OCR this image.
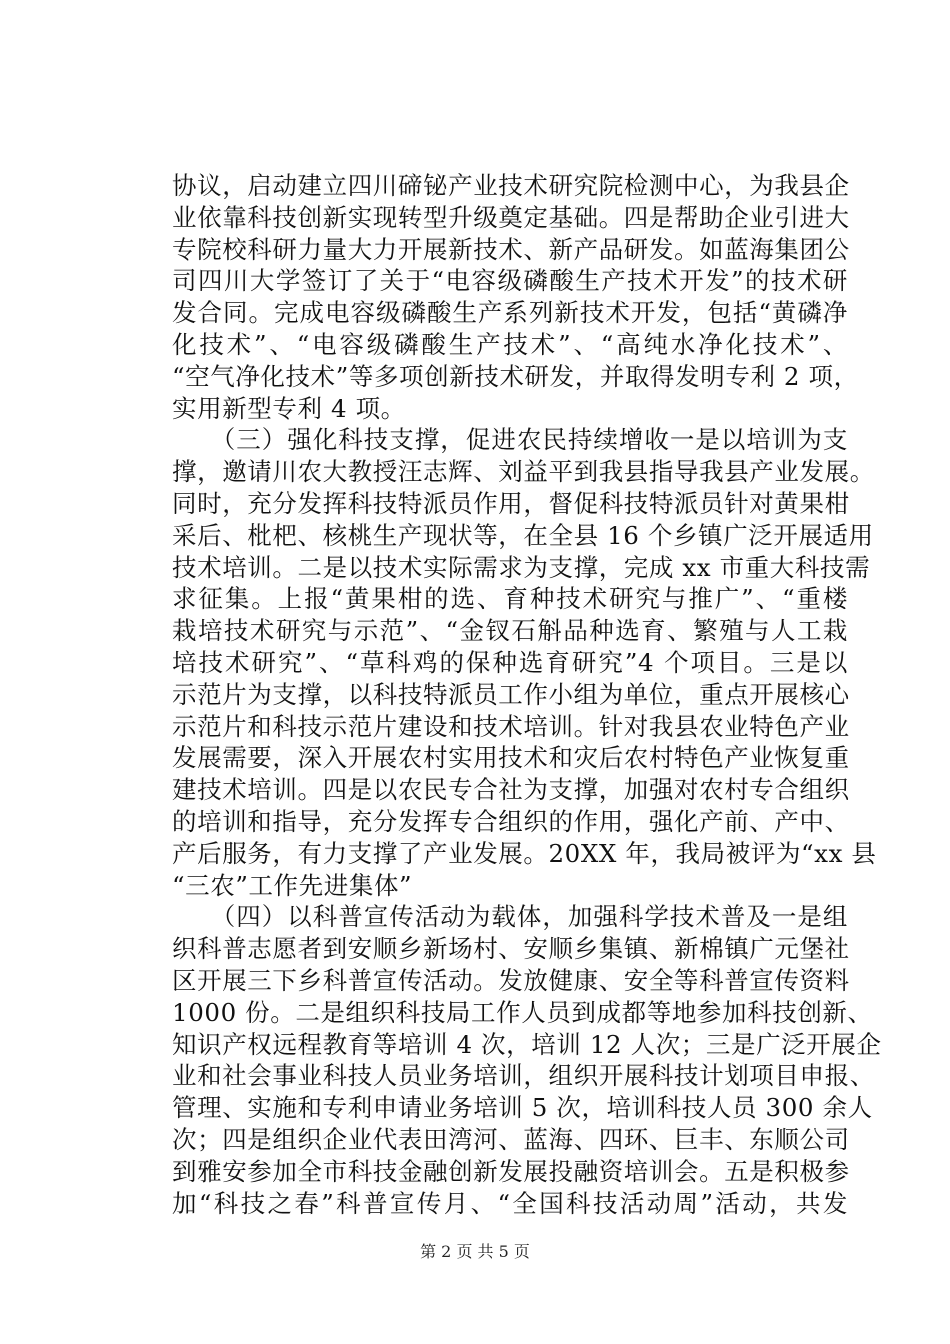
协议，启动建立四川碲铋产业技术研究院检测中心，为我县企
业依靠科技创新实现转型升级奠定基础。四是帮助企业引进大
专院校科研力量大力开展新技术、新产品研发。如蓝海集团公
司四川大学签订了关于“电容级磷酸生产技术开发”的技术研
发合同。完成电容级磷酸生产系列新技术开发，包括“黄磷净
化技术”、“电容级磷酸生产技术”、“高纯水净化技术”、
“空气净化技术”等多项创新技术研发，并取得发明专利 2 项，
实用新型专利 4 项。
　　（三）强化科技支撑，促进农民持续增收一是以培训为支
撑，邀请川农大教授汪志辉、刘益平到我县指导我县产业发展。
同时，充分发挥科技特派员作用，督促科技特派员针对黄果柑
采后、枇杷、核桃生产现状等，在全县 16 个乡镇广泛开展适用
技术培训。二是以技术实际需求为支撑，完成 xx 市重大科技需
求征集。上报“黄果柑的选、育种技术研究与推广”、“重楼
栽培技术研究与示范”、“金钗石斛品种选育、繁殖与人工栽
培技术研究”、“草科鸡的保种选育研究”4 个项目。三是以
示范片为支撑，以科技特派员工作小组为单位，重点开展核心
示范片和科技示范片建设和技术培训。针对我县农业特色产业
发展需要，深入开展农村实用技术和灾后农村特色产业恢复重
建技术培训。四是以农民专合社为支撑，加强对农村专合组织
的培训和指导，充分发挥专合组织的作用，强化产前、产中、
产后服务，有力支撑了产业发展。20XX 年，我局被评为“xx 县
“三农”工作先进集体”
　　（四）以科普宣传活动为载体，加强科学技术普及一是组
织科普志愿者到安顺乡新场村、安顺乡集镇、新棉镇广元堡社
区开展三下乡科普宣传活动。发放健康、安全等科普宣传资料
1000 份。二是组织科技局工作人员到成都等地参加科技创新、
知识产权远程教育等培训 4 次，培训 12 人次；三是广泛开展企
业和社会事业科技人员业务培训，组织开展科技计划项目申报、
管理、实施和专利申请业务培训 5 次，培训科技人员 300 余人
次；四是组织企业代表田湾河、蓝海、四环、巨丰、东顺公司
到雅安参加全市科技金融创新发展投融资培训会。五是积极参
加“科技之春”科普宣传月、“全国科技活动周”活动，共发
第 2 页 共 5 页
